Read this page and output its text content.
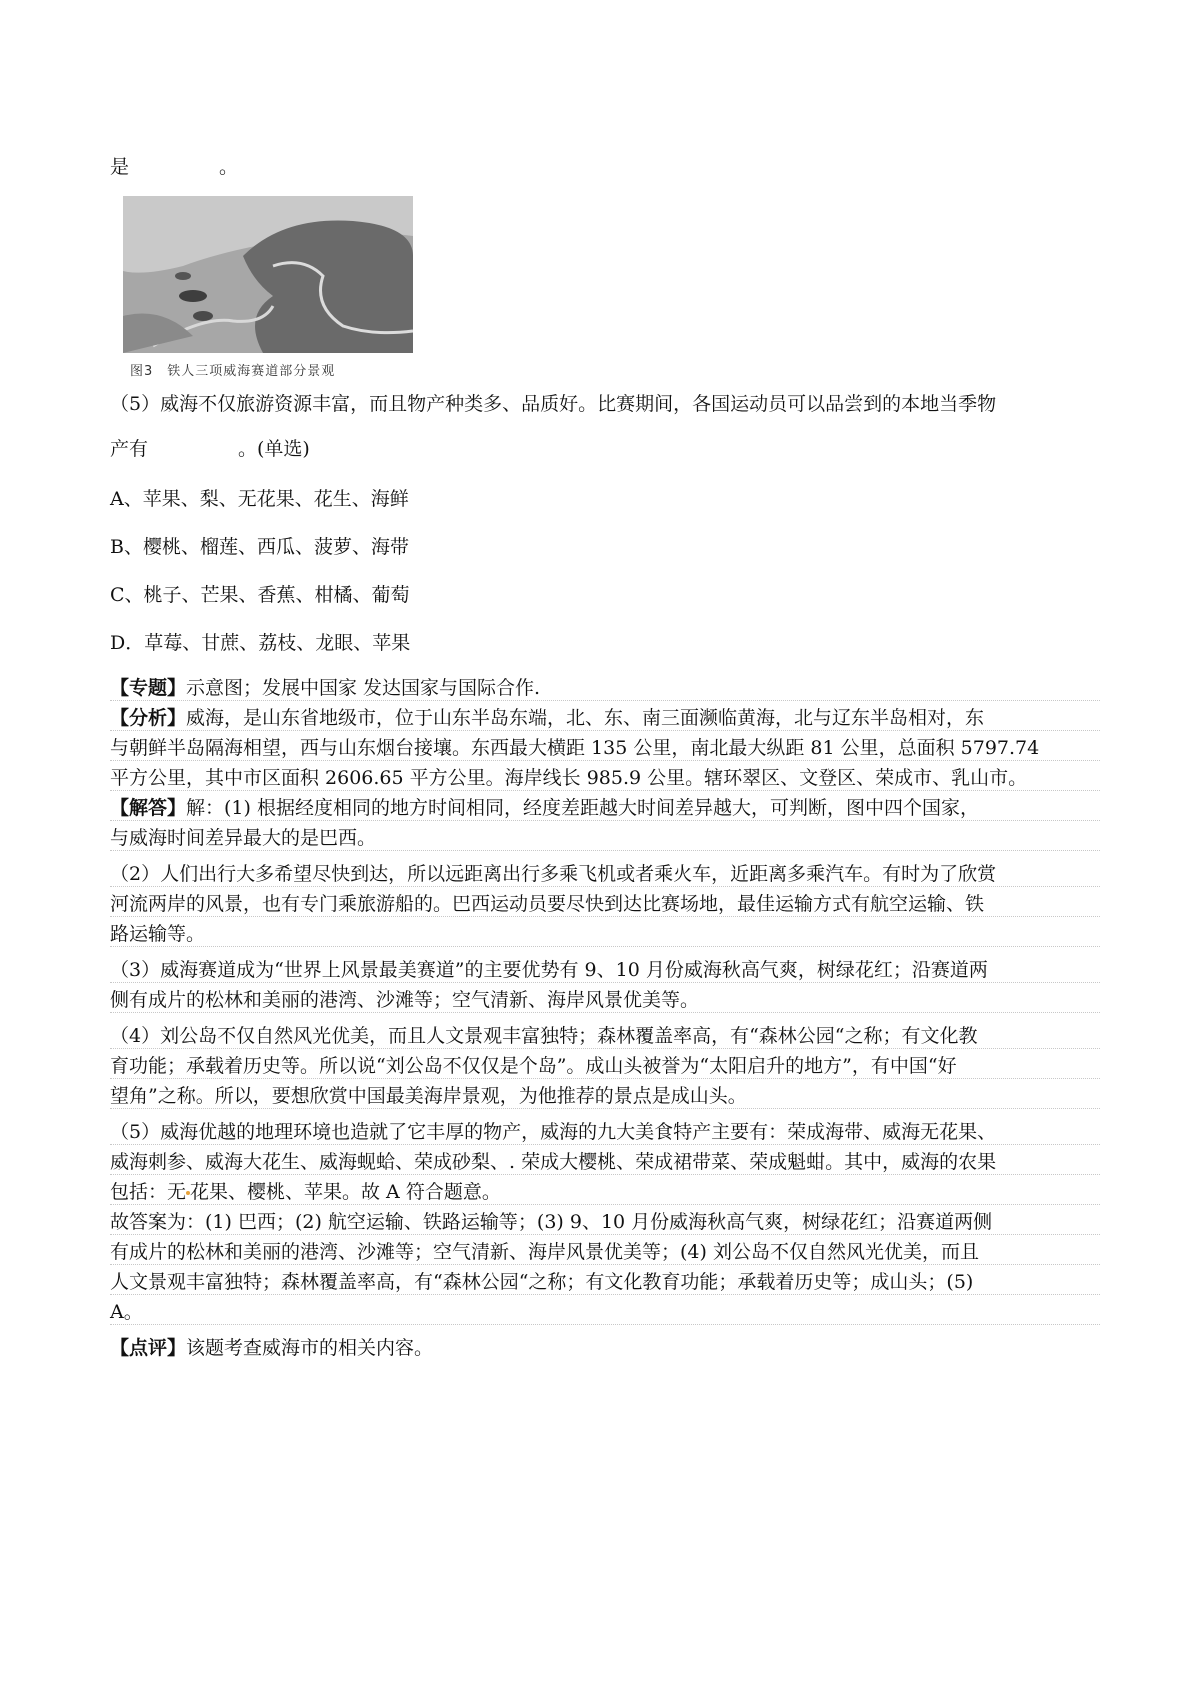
是	。
图3　铁人三项威海赛道部分景观
（5）威海不仅旅游资源丰富，而且物产种类多、品质好。比赛期间，各国运动员可以品尝到的本地当季物
产有	。(单选)
A、苹果、梨、无花果、花生、海鲜
B、樱桃、榴莲、西瓜、菠萝、海带
C、桃子、芒果、香蕉、柑橘、葡萄
D．草莓、甘蔗、荔枝、龙眼、苹果
【专题】示意图；发展中国家 发达国家与国际合作.
【分析】威海，是山东省地级市，位于山东半岛东端，北、东、南三面濒临黄海，北与辽东半岛相对，东
与朝鲜半岛隔海相望，西与山东烟台接壤。东西最大横距 135 公里，南北最大纵距 81 公里，总面积 5797.74
平方公里，其中市区面积 2606.65 平方公里。海岸线长 985.9 公里。辖环翠区、文登区、荣成市、乳山市。
【解答】解：(1) 根据经度相同的地方时间相同，经度差距越大时间差异越大，可判断，图中四个国家，
与威海时间差异最大的是巴西。
（2）人们出行大多希望尽快到达，所以远距离出行多乘飞机或者乘火车，近距离多乘汽车。有时为了欣赏
河流两岸的风景，也有专门乘旅游船的。巴西运动员要尽快到达比赛场地，最佳运输方式有航空运输、铁
路运输等。
（3）威海赛道成为“世界上风景最美赛道”的主要优势有 9、10 月份威海秋高气爽，树绿花红；沿赛道两
侧有成片的松林和美丽的港湾、沙滩等；空气清新、海岸风景优美等。
（4）刘公岛不仅自然风光优美，而且人文景观丰富独特；森林覆盖率高，有“森林公园“之称；有文化教
育功能；承载着历史等。所以说“刘公岛不仅仅是个岛”。成山头被誉为“太阳启升的地方”，有中国“好
望角”之称。所以，要想欣赏中国最美海岸景观，为他推荐的景点是成山头。
（5）威海优越的地理环境也造就了它丰厚的物产，威海的九大美食特产主要有：荣成海带、威海无花果、
威海刺参、威海大花生、威海蚬蛤、荣成砂梨、. 荣成大樱桃、荣成裙带菜、荣成魁蚶。其中，威海的农果
包括：无 花果、樱桃、苹果。故 A 符合题意。
故答案为：(1) 巴西；(2) 航空运输、铁路运输等；(3) 9、10 月份威海秋高气爽，树绿花红；沿赛道两侧
有成片的松林和美丽的港湾、沙滩等；空气清新、海岸风景优美等；(4) 刘公岛不仅自然风光优美，而且
人文景观丰富独特；森林覆盖率高，有“森林公园“之称；有文化教育功能；承载着历史等；成山头；(5)
A。
【点评】该题考查威海市的相关内容。
